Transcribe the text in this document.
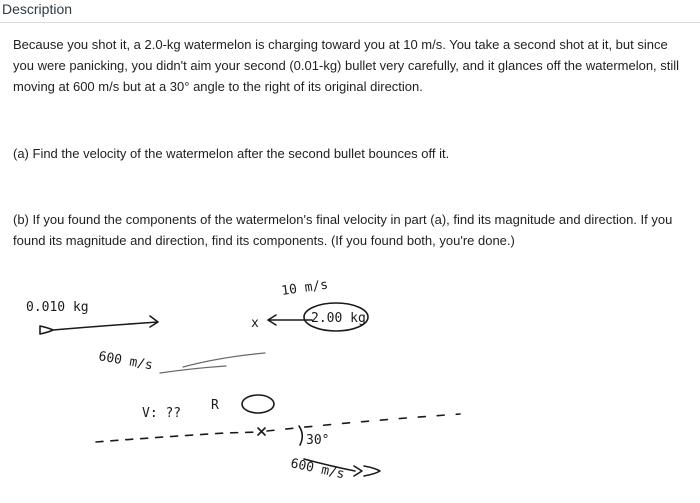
Description

Because you shot it, a 2.0-kg watermelon is charging toward you at 10 m/s. You take a second shot at it, but since you were panicking, you didn't aim your second (0.01-kg) bullet very carefully, and it glances off the watermelon, still moving at 600 m/s but at a 30° angle to the right of its original direction.

(a) Find the velocity of the watermelon after the second bullet bounces off it.

(b) If you found the components of the watermelon's final velocity in part (a), find its magnitude and direction. If you found its magnitude and direction, find its components. (If you found both, you're done.)

0.010 kg
600 m/s
10 m/s
x	2.00 kg
V: ??
R
30°
600 m/s
